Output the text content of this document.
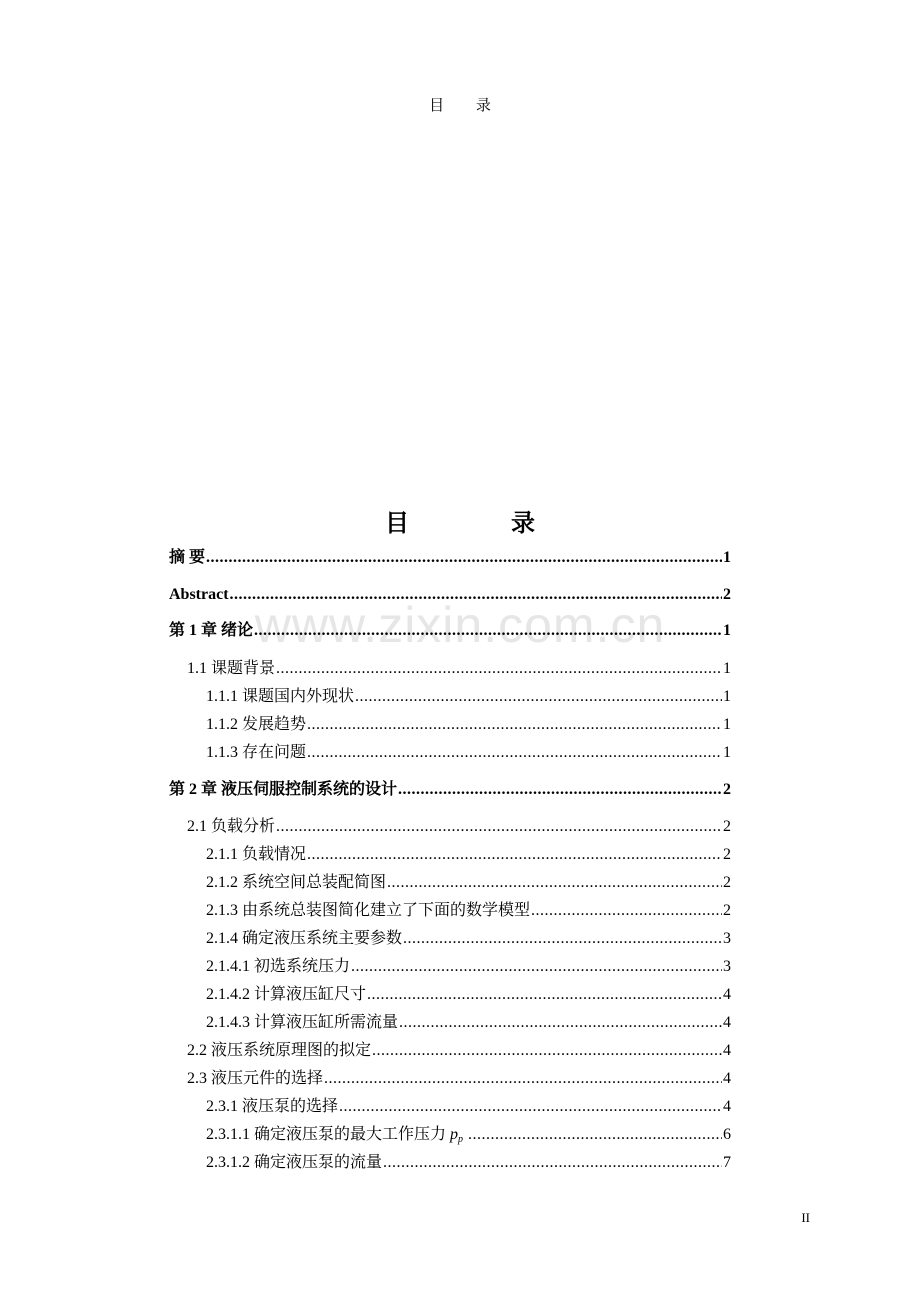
目 录
www.zixin.com.cn
目 录
摘 要 .....	1
Abstract .....	2
第 1 章 绪论 .....	1
1.1 课题背景 .....	1
1.1.1 课题国内外现状 .....	1
1.1.2 发展趋势 .....	1
1.1.3 存在问题 .....	1
第 2 章 液压伺服控制系统的设计 .....	2
2.1 负载分析 .....	2
2.1.1 负载情况 .....	2
2.1.2 系统空间总装配简图 .....	2
2.1.3 由系统总装图简化建立了下面的数学模型 .....	2
2.1.4 确定液压系统主要参数 .....	3
2.1.4.1 初选系统压力 .....	3
2.1.4.2 计算液压缸尺寸 .....	4
2.1.4.3 计算液压缸所需流量 .....	4
2.2 液压系统原理图的拟定 .....	4
2.3 液压元件的选择 .....	4
2.3.1 液压泵的选择 .....	4
2.3.1.1 确定液压泵的最大工作压力 pp .....	6
2.3.1.2 确定液压泵的流量 .....	7
II
